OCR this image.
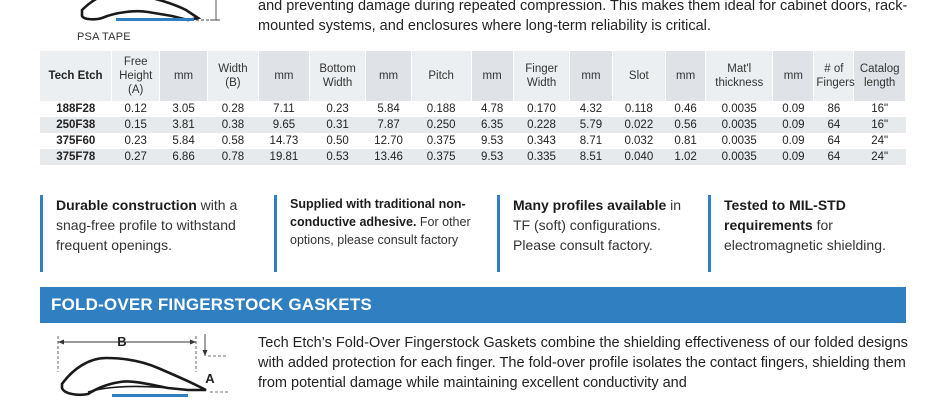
PSA TAPE
and preventing damage during repeated compression. This makes them ideal for cabinet doors, rack-mounted systems, and enclosures where long-term reliability is critical.
Tech Etch	Free Height (A)	mm	Width (B)	mm	Bottom Width	mm	Pitch	mm	Finger Width	mm	Slot	mm	Mat'l thickness	mm	# of Fingers	Catalog length
188F28	0.12	3.05	0.28	7.11	0.23	5.84	0.188	4.78	0.170	4.32	0.118	0.46	0.0035	0.09	86	16"
250F38	0.15	3.81	0.38	9.65	0.31	7.87	0.250	6.35	0.228	5.79	0.022	0.56	0.0035	0.09	64	16"
375F60	0.23	5.84	0.58	14.73	0.50	12.70	0.375	9.53	0.343	8.71	0.032	0.81	0.0035	0.09	64	24"
375F78	0.27	6.86	0.78	19.81	0.53	13.46	0.375	9.53	0.335	8.51	0.040	1.02	0.0035	0.09	64	24"
Durable construction with a snag-free profile to withstand frequent openings.
Supplied with traditional non-conductive adhesive. For other options, please consult factory
Many profiles available in TF (soft) configurations. Please consult factory.
Tested to MIL-STD requirements for electromagnetic shielding.
FOLD-OVER FINGERSTOCK GASKETS
B
A
Tech Etch’s Fold-Over Fingerstock Gaskets combine the shielding effectiveness of our folded designs with added protection for each finger. The fold-over profile isolates the contact fingers, shielding them from potential damage while maintaining excellent conductivity and
